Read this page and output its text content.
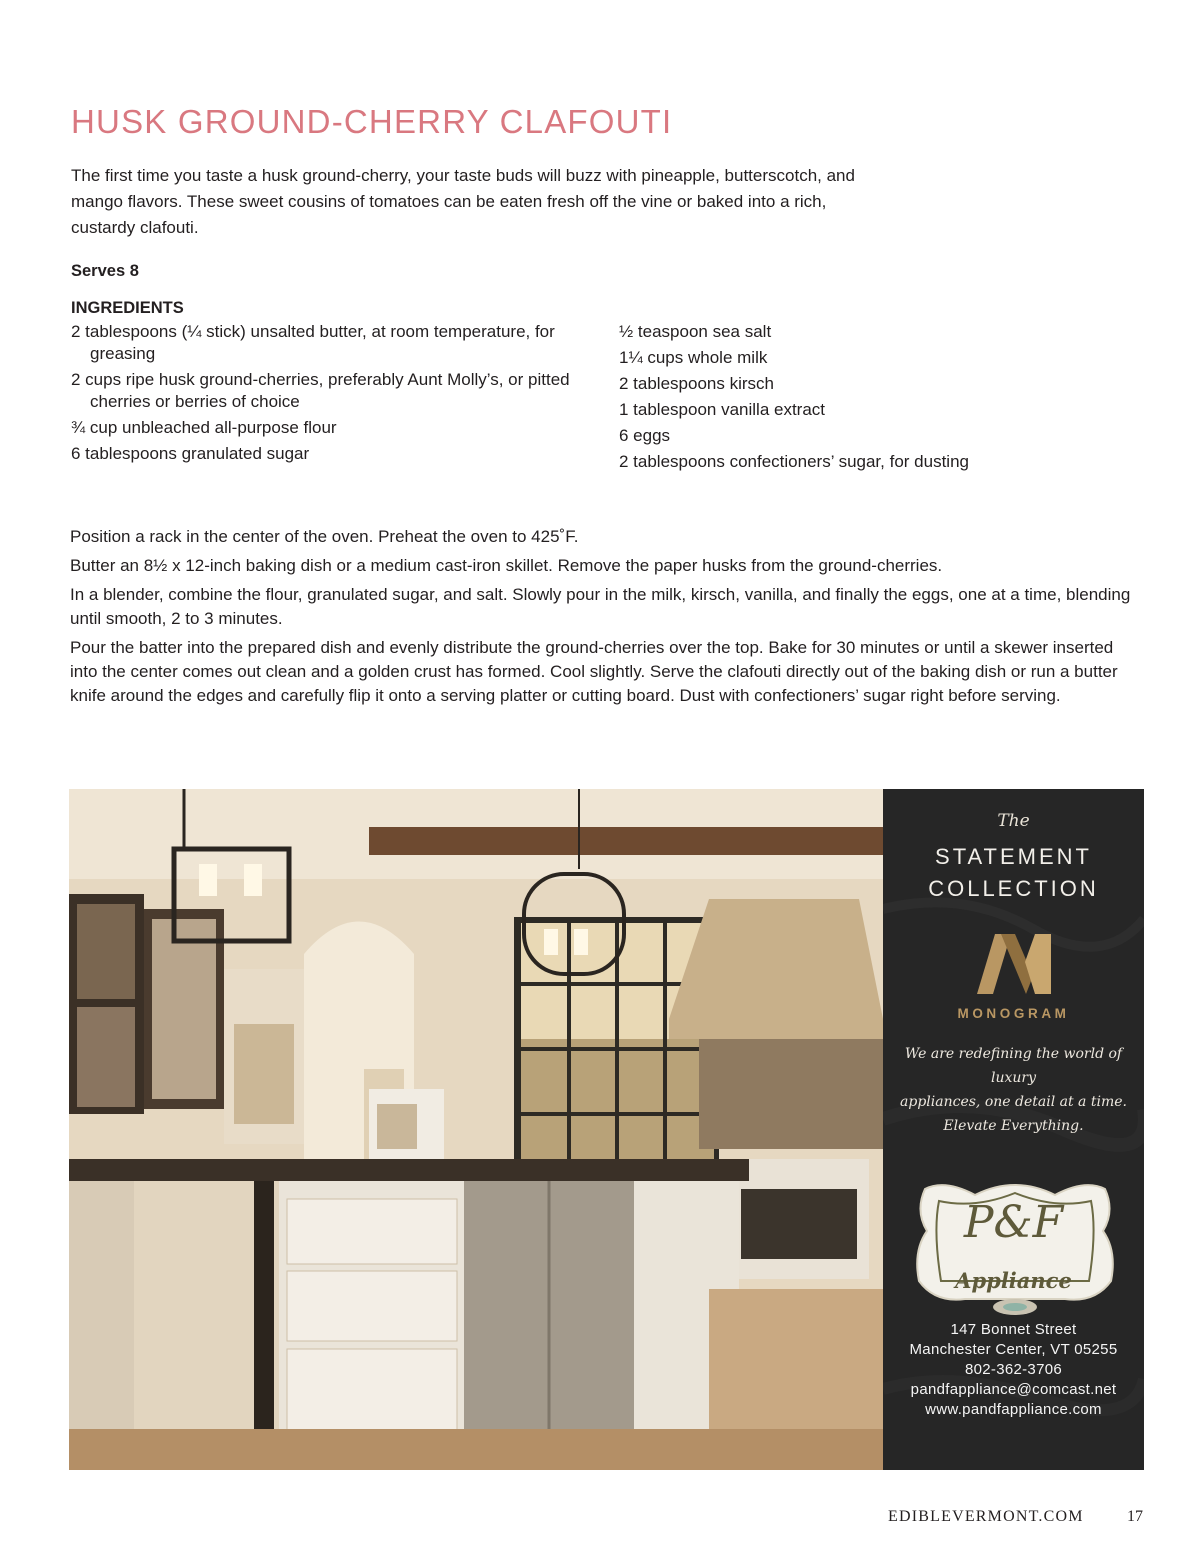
HUSK GROUND-CHERRY CLAFOUTI

The first time you taste a husk ground-cherry, your taste buds will buzz with pineapple, butterscotch, and mango flavors. These sweet cousins of tomatoes can be eaten fresh off the vine or baked into a rich, custardy clafouti.

Serves 8

INGREDIENTS

2 tablespoons (¼ stick) unsalted butter, at room temperature, for greasing
2 cups ripe husk ground-cherries, preferably Aunt Molly’s, or pitted cherries or berries of choice
¾ cup unbleached all-purpose flour
6 tablespoons granulated sugar
½ teaspoon sea salt
1¼ cups whole milk
2 tablespoons kirsch
1 tablespoon vanilla extract
6 eggs
2 tablespoons confectioners’ sugar, for dusting

Position a rack in the center of the oven. Preheat the oven to 425˚F.

Butter an 8½ x 12-inch baking dish or a medium cast-iron skillet. Remove the paper husks from the ground-cherries.

In a blender, combine the flour, granulated sugar, and salt. Slowly pour in the milk, kirsch, vanilla, and finally the eggs, one at a time, blending until smooth, 2 to 3 minutes.

Pour the batter into the prepared dish and evenly distribute the ground-cherries over the top. Bake for 30 minutes or until a skewer inserted into the center comes out clean and a golden crust has formed. Cool slightly. Serve the clafouti directly out of the baking dish or run a butter knife around the edges and carefully flip it onto a serving platter or cutting board. Dust with confectioners’ sugar right before serving.

The
STATEMENT
COLLECTION
MONOGRAM
We are redefining the world of luxury
appliances, one detail at a time.
Elevate Everything.
P&F
Appliance
147 Bonnet Street
Manchester Center, VT 05255
802-362-3706
pandfappliance@comcast.net
www.pandfappliance.com
EDIBLEVERMONT.COM	17
